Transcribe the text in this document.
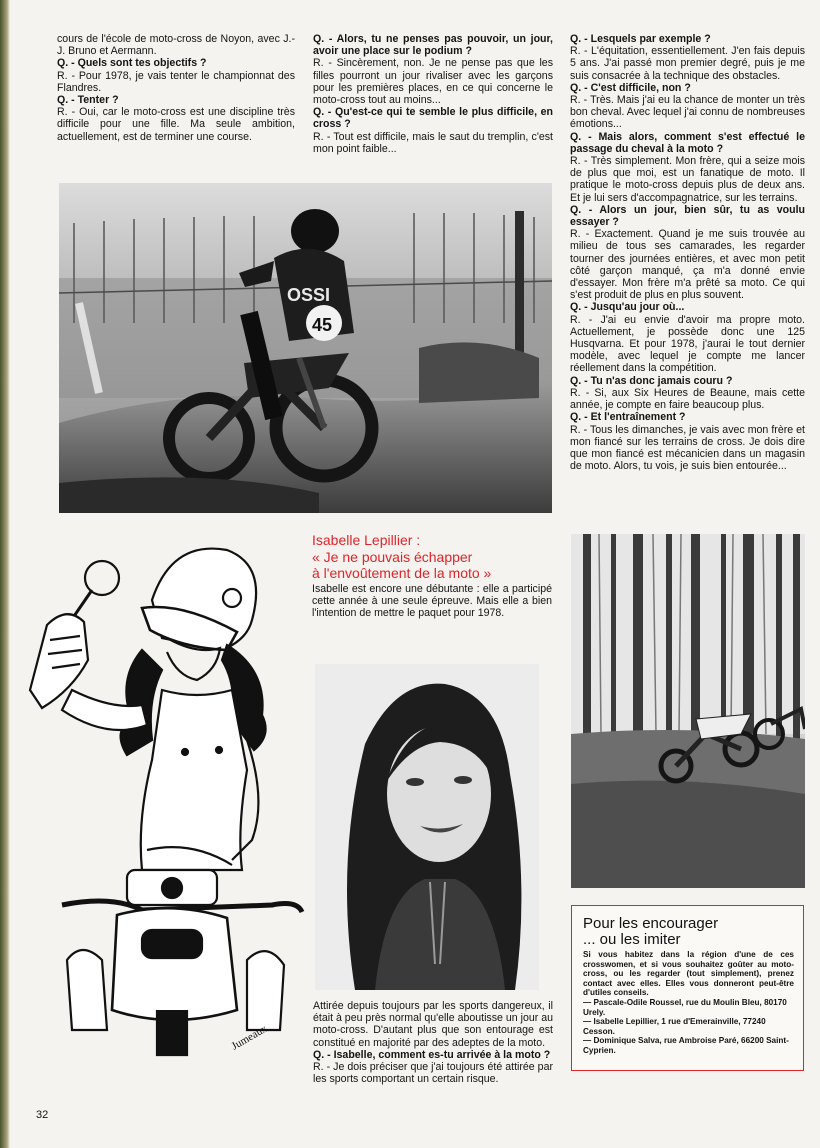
cours de l'école de moto-cross de Noyon, avec J.-J. Bruno et Aermann.

Q. - Quels sont tes objectifs ?

R. - Pour 1978, je vais tenter le championnat des Flandres.

Q. - Tenter ?

R. - Oui, car le moto-cross est une discipline très difficile pour une fille. Ma seule ambition, actuellement, est de terminer une course.

Q. - Alors, tu ne penses pas pouvoir, un jour, avoir une place sur le podium ?

R. - Sincèrement, non. Je ne pense pas que les filles pourront un jour rivaliser avec les garçons pour les premières places, en ce qui concerne le moto-cross tout au moins...

Q. - Qu'est-ce qui te semble le plus difficile, en cross ?

R. - Tout est difficile, mais le saut du tremplin, c'est mon point faible...

Q. - Lesquels par exemple ?

R. - L'équitation, essentiellement. J'en fais depuis 5 ans. J'ai passé mon premier degré, puis je me suis consacrée à la technique des obstacles.

Q. - C'est difficile, non ?

R. - Très. Mais j'ai eu la chance de monter un très bon cheval. Avec lequel j'ai connu de nombreuses émotions...

Q. - Mais alors, comment s'est effectué le passage du cheval à la moto ?

R. - Très simplement. Mon frère, qui a seize mois de plus que moi, est un fanatique de moto. Il pratique le moto-cross depuis plus de deux ans. Et je lui sers d'accompagnatrice, sur les terrains.

Q. - Alors un jour, bien sûr, tu as voulu essayer ?

R. - Exactement. Quand je me suis trouvée au milieu de tous ses camarades, les regarder tourner des journées entières, et avec mon petit côté garçon manqué, ça m'a donné envie d'essayer. Mon frère m'a prêté sa moto. Ce qui s'est produit de plus en plus souvent.

Q. - Jusqu'au jour où...

R. - J'ai eu envie d'avoir ma propre moto. Actuellement, je possède donc une 125 Husqvarna. Et pour 1978, j'aurai le tout dernier modèle, avec lequel je compte me lancer réellement dans la compétition.

Q. - Tu n'as donc jamais couru ?

R. - Si, aux Six Heures de Beaune, mais cette année, je compte en faire beaucoup plus.

Q. - Et l'entraînement ?

R. - Tous les dimanches, je vais avec mon frère et mon fiancé sur les terrains de cross. Je dois dire que mon fiancé est mécanicien dans un magasin de moto. Alors, tu vois, je suis bien entourée...

OSSI
45
Isabelle Lepillier :
« Je ne pouvais échapper
à l'envoûtement de la moto »
Isabelle est encore une débutante : elle a participé cette année à une seule épreuve. Mais elle a bien l'intention de mettre le paquet pour 1978.
Jumeaux

Attirée depuis toujours par les sports dangereux, il était à peu près normal qu'elle aboutisse un jour au moto-cross. D'autant plus que son entourage est constitué en majorité par des adeptes de la moto.

Q. - Isabelle, comment es-tu arrivée à la moto ?

R. - Je dois préciser que j'ai toujours été attirée par les sports comportant un certain risque.

Pour les encourager
... ou les imiter
Si vous habitez dans la région d'une de ces crosswomen, et si vous souhaitez goûter au moto-cross, ou les regarder (tout simplement), prenez contact avec elles. Elles vous donneront peut-être d'utiles conseils.
— Pascale-Odile Roussel, rue du Moulin Bleu, 80170 Urely.
— Isabelle Lepillier, 1 rue d'Emerainville, 77240 Cesson.
— Dominique Salva, rue Ambroise Paré, 66200 Saint-Cyprien.
32
